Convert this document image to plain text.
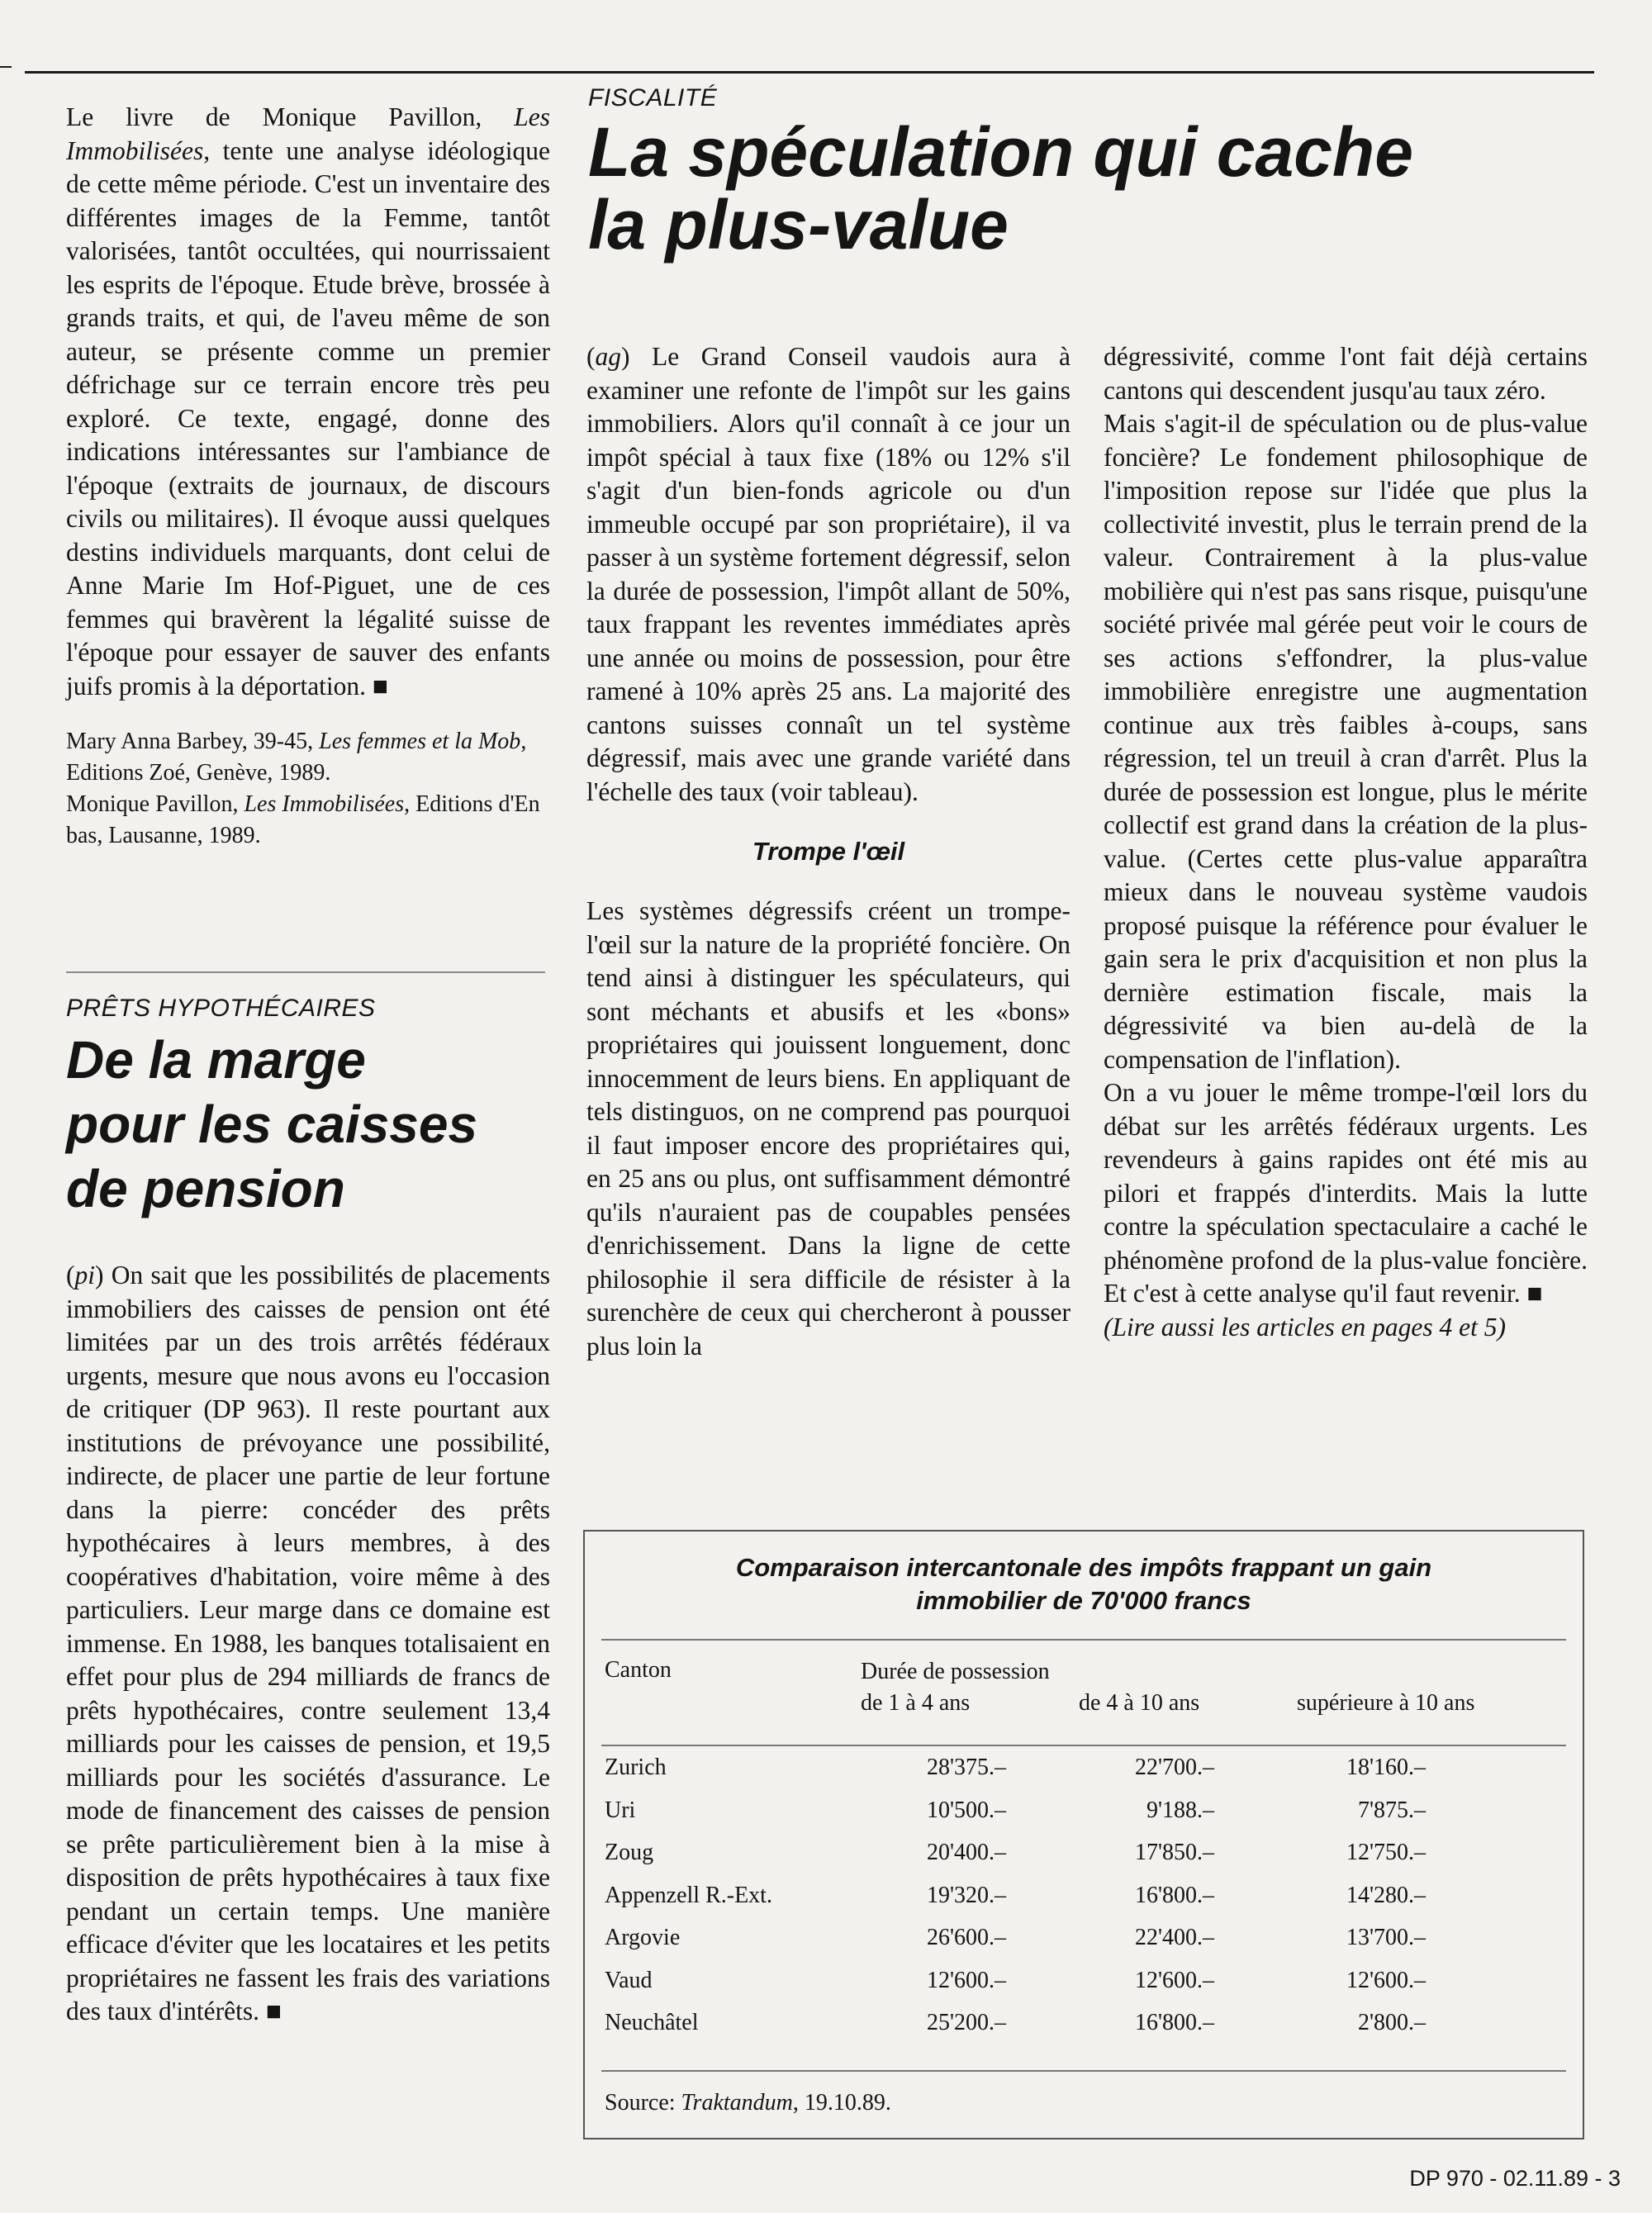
Le livre de Monique Pavillon, Les Immobilisées, tente une analyse idéologique de cette même période. C'est un inventaire des différentes images de la Femme, tantôt valorisées, tantôt occultées, qui nourrissaient les esprits de l'époque. Etude brève, brossée à grands traits, et qui, de l'aveu même de son auteur, se présente comme un premier défrichage sur ce terrain encore très peu exploré. Ce texte, engagé, donne des indications intéressantes sur l'ambiance de l'époque (extraits de journaux, de discours civils ou militaires). Il évoque aussi quelques destins individuels marquants, dont celui de Anne Marie Im Hof-Piguet, une de ces femmes qui bravèrent la légalité suisse de l'époque pour essayer de sauver des enfants juifs promis à la déportation. ■

Mary Anna Barbey, 39-45, Les femmes et la Mob, Editions Zoé, Genève, 1989.

Monique Pavillon, Les Immobilisées, Editions d'En bas, Lausanne, 1989.

PRÊTS HYPOTHÉCAIRES

De la marge
pour les caisses
de pension

(pi) On sait que les possibilités de placements immobiliers des caisses de pension ont été limitées par un des trois arrêtés fédéraux urgents, mesure que nous avons eu l'occasion de critiquer (DP 963). Il reste pourtant aux institutions de prévoyance une possibilité, indirecte, de placer une partie de leur fortune dans la pierre: concéder des prêts hypothécaires à leurs membres, à des coopératives d'habitation, voire même à des particuliers. Leur marge dans ce domaine est immense. En 1988, les banques totalisaient en effet pour plus de 294 milliards de francs de prêts hypothécaires, contre seulement 13,4 milliards pour les caisses de pension, et 19,5 milliards pour les sociétés d'assurance. Le mode de financement des caisses de pension se prête particulièrement bien à la mise à disposition de prêts hypothécaires à taux fixe pendant un certain temps. Une manière efficace d'éviter que les locataires et les petits propriétaires ne fassent les frais des variations des taux d'intérêts. ■

FISCALITÉ

La spéculation qui cache
la plus-value

(ag) Le Grand Conseil vaudois aura à examiner une refonte de l'impôt sur les gains immobiliers. Alors qu'il connaît à ce jour un impôt spécial à taux fixe (18% ou 12% s'il s'agit d'un bien-fonds agricole ou d'un immeuble occupé par son propriétaire), il va passer à un système fortement dégressif, selon la durée de possession, l'impôt allant de 50%, taux frappant les reventes immédiates après une année ou moins de possession, pour être ramené à 10% après 25 ans. La majorité des cantons suisses connaît un tel système dégressif, mais avec une grande variété dans l'échelle des taux (voir tableau).

Trompe l'œil

Les systèmes dégressifs créent un trompe-l'œil sur la nature de la propriété foncière. On tend ainsi à distinguer les spéculateurs, qui sont méchants et abusifs et les «bons» propriétaires qui jouissent longuement, donc innocemment de leurs biens. En appliquant de tels distinguos, on ne comprend pas pourquoi il faut imposer encore des propriétaires qui, en 25 ans ou plus, ont suffisamment démontré qu'ils n'auraient pas de coupables pensées d'enrichissement. Dans la ligne de cette philosophie il sera difficile de résister à la surenchère de ceux qui chercheront à pousser plus loin la

dégressivité, comme l'ont fait déjà certains cantons qui descendent jusqu'au taux zéro.

Mais s'agit-il de spéculation ou de plus-value foncière? Le fondement philosophique de l'imposition repose sur l'idée que plus la collectivité investit, plus le terrain prend de la valeur. Contrairement à la plus-value mobilière qui n'est pas sans risque, puisqu'une société privée mal gérée peut voir le cours de ses actions s'effondrer, la plus-value immobilière enregistre une augmentation continue aux très faibles à-coups, sans régression, tel un treuil à cran d'arrêt. Plus la durée de possession est longue, plus le mérite collectif est grand dans la création de la plus-value. (Certes cette plus-value apparaîtra mieux dans le nouveau système vaudois proposé puisque la référence pour évaluer le gain sera le prix d'acquisition et non plus la dernière estimation fiscale, mais la dégressivité va bien au-delà de la compensation de l'inflation).

On a vu jouer le même trompe-l'œil lors du débat sur les arrêtés fédéraux urgents. Les revendeurs à gains rapides ont été mis au pilori et frappés d'interdits. Mais la lutte contre la spéculation spectaculaire a caché le phénomène profond de la plus-value foncière. Et c'est à cette analyse qu'il faut revenir. ■

(Lire aussi les articles en pages 4 et 5)

Comparaison intercantonale des impôts frappant un gain
immobilier de 70'000 francs
Canton	Durée de possession
de 1 à 4 ans	de 4 à 10 ans	supérieure à 10 ans
Zurich	28'375.–	22'700.–	18'160.–
Uri	10'500.–	9'188.–	7'875.–
Zoug	20'400.–	17'850.–	12'750.–
Appenzell R.-Ext.	19'320.–	16'800.–	14'280.–
Argovie	26'600.–	22'400.–	13'700.–
Vaud	12'600.–	12'600.–	12'600.–
Neuchâtel	25'200.–	16'800.–	2'800.–
Source: Traktandum, 19.10.89.
DP 970 - 02.11.89 - 3
